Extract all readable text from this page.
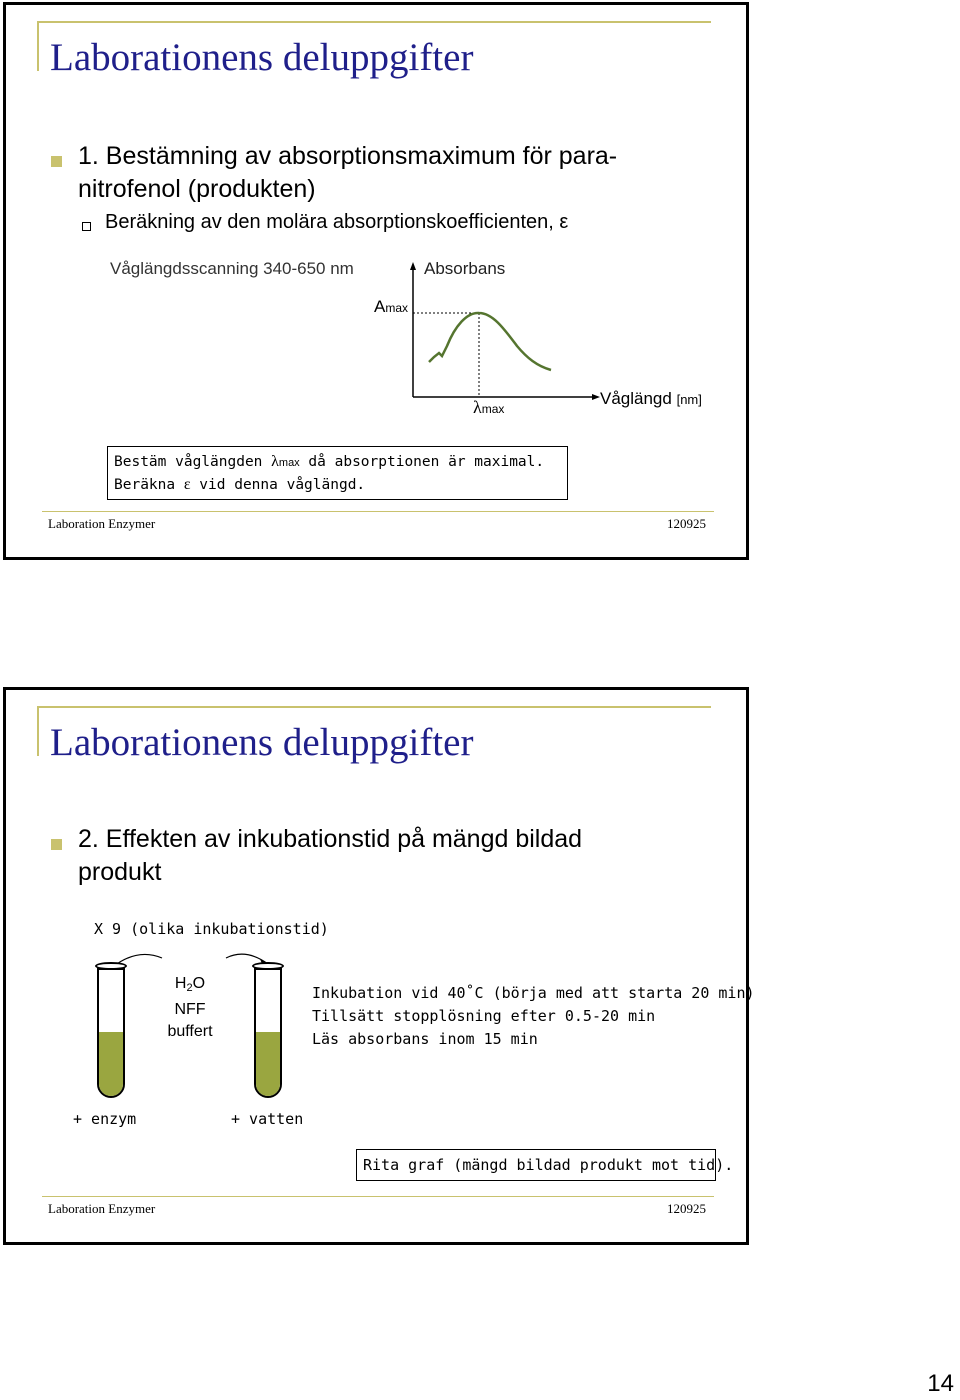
Laborationens deluppgifter
1. Bestämning av absorptionsmaximum för para-
nitrofenol (produkten)
Beräkning av den molära absorptionskoefficienten, ε
Våglängdsscanning 340-650 nm	Absorbans
Amax
λmax
Våglängd [nm]
Bestäm våglängden λmax då absorptionen är maximal.
Beräkna ε vid denna våglängd.
Laboration Enzymer	120925
Laborationens deluppgifter
2. Effekten av inkubationstid på mängd bildad
produkt
X 9 (olika inkubationstid)
H2O
NFF
buffert
Inkubation vid 40˚C (börja med att starta 20 min)
Tillsätt stopplösning efter 0.5-20 min
Läs absorbans inom 15 min
+ enzym	+ vatten
Rita graf (mängd bildad produkt mot tid).
Laboration Enzymer	120925
14
